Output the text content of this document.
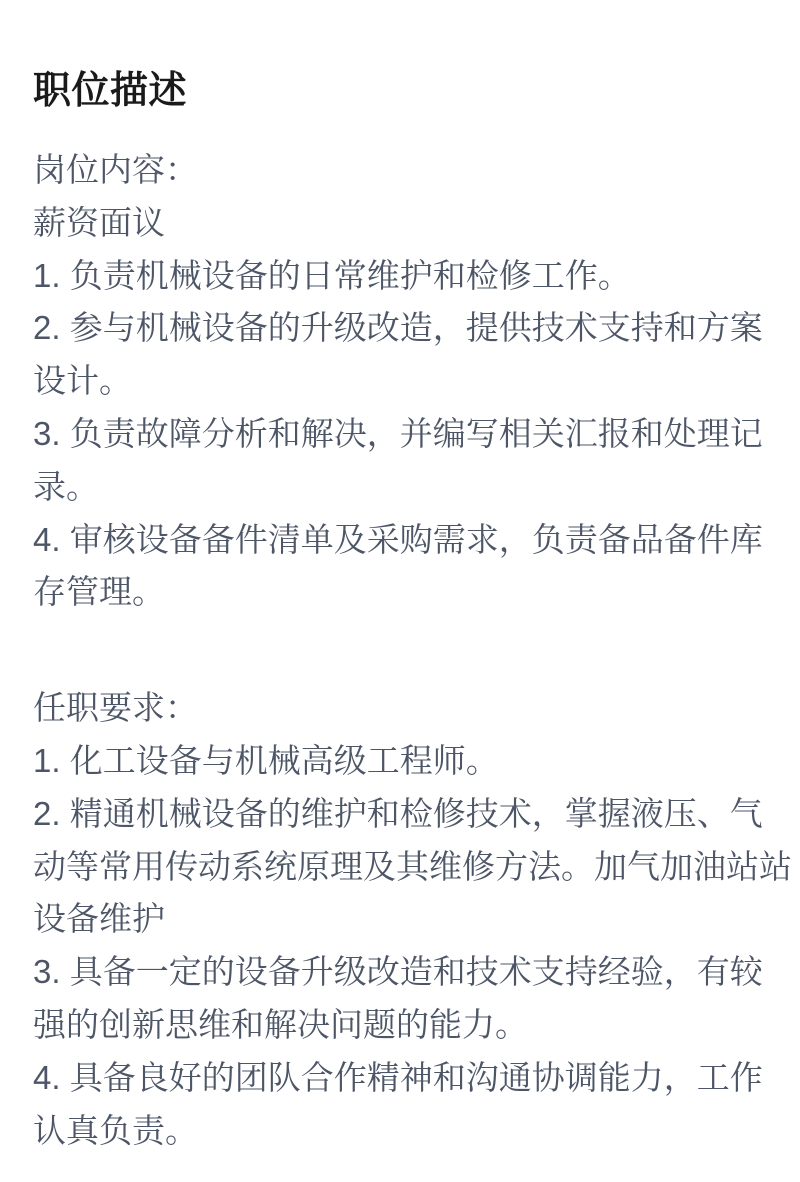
职位描述
岗位内容：
薪资面议
1. 负责机械设备的日常维护和检修工作。
2. 参与机械设备的升级改造，提供技术支持和方案
设计。
3. 负责故障分析和解决，并编写相关汇报和处理记
录。
4. 审核设备备件清单及采购需求，负责备品备件库
存管理。
任职要求：
1. 化工设备与机械高级工程师。
2. 精通机械设备的维护和检修技术，掌握液压、气
动等常用传动系统原理及其维修方法。加气加油站站
设备维护
3. 具备一定的设备升级改造和技术支持经验，有较
强的创新思维和解决问题的能力。
4. 具备良好的团队合作精神和沟通协调能力，工作
认真负责。
